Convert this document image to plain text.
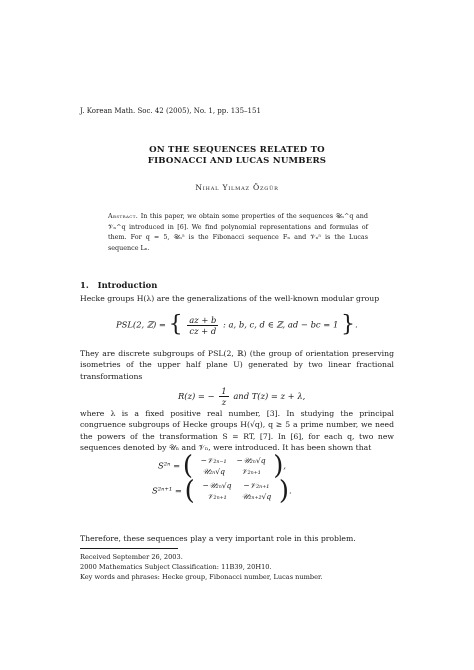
J. Korean Math. Soc. 42 (2005), No. 1, pp. 135–151
ON THE SEQUENCES RELATED TO
FIBONACCI AND LUCAS NUMBERS
Nihal Yilmaz Özgür
Abstract. In this paper, we obtain some properties of the sequences 𝒰ₙ^q and 𝒱ₙ^q introduced in [6]. We find polynomial representations and formulas of them. For q = 5, 𝒰ₙ⁵ is the Fibonacci sequence Fₙ and 𝒱ₙ⁵ is the Lucas sequence Lₙ.
1. Introduction
Hecke groups H(λ) are the generalizations of the well-known modular group
PSL(2, ℤ) = { $\frac{az + b}{cz + d}$ : a, b, c, d ∈ ℤ, ad − bc = 1 }.
They are discrete subgroups of PSL(2, ℝ) (the group of orientation preserving isometries of the upper half plane U) generated by two linear fractional transformations
R(z) = − $\frac{1}{z}$ and T(z) = z + λ,
where λ is a fixed positive real number, [3]. In studying the principal congruence subgroups of Hecke groups H(√q), q ≥ 5 a prime number, we need the powers of the transformation S = RT, [7]. In [6], for each q, two new sequences denoted by 𝒰ₙ and 𝒱ₙ, were introduced. It has been shown that
S²ⁿ = ( −𝒱₂ₙ₋₁	−𝒰₂ₙ√q
𝒰₂ₙ√q	𝒱₂ₙ₊₁ ),
S²ⁿ⁺¹ = ( −𝒰₂ₙ√q	−𝒱₂ₙ₊₁
𝒱₂ₙ₊₁	𝒰₂ₙ₊₂√q ).
Therefore, these sequences play a very important role in this problem.
Received September 26, 2003.
2000 Mathematics Subject Classification: 11B39, 20H10.
Key words and phrases: Hecke group, Fibonacci number, Lucas number.
